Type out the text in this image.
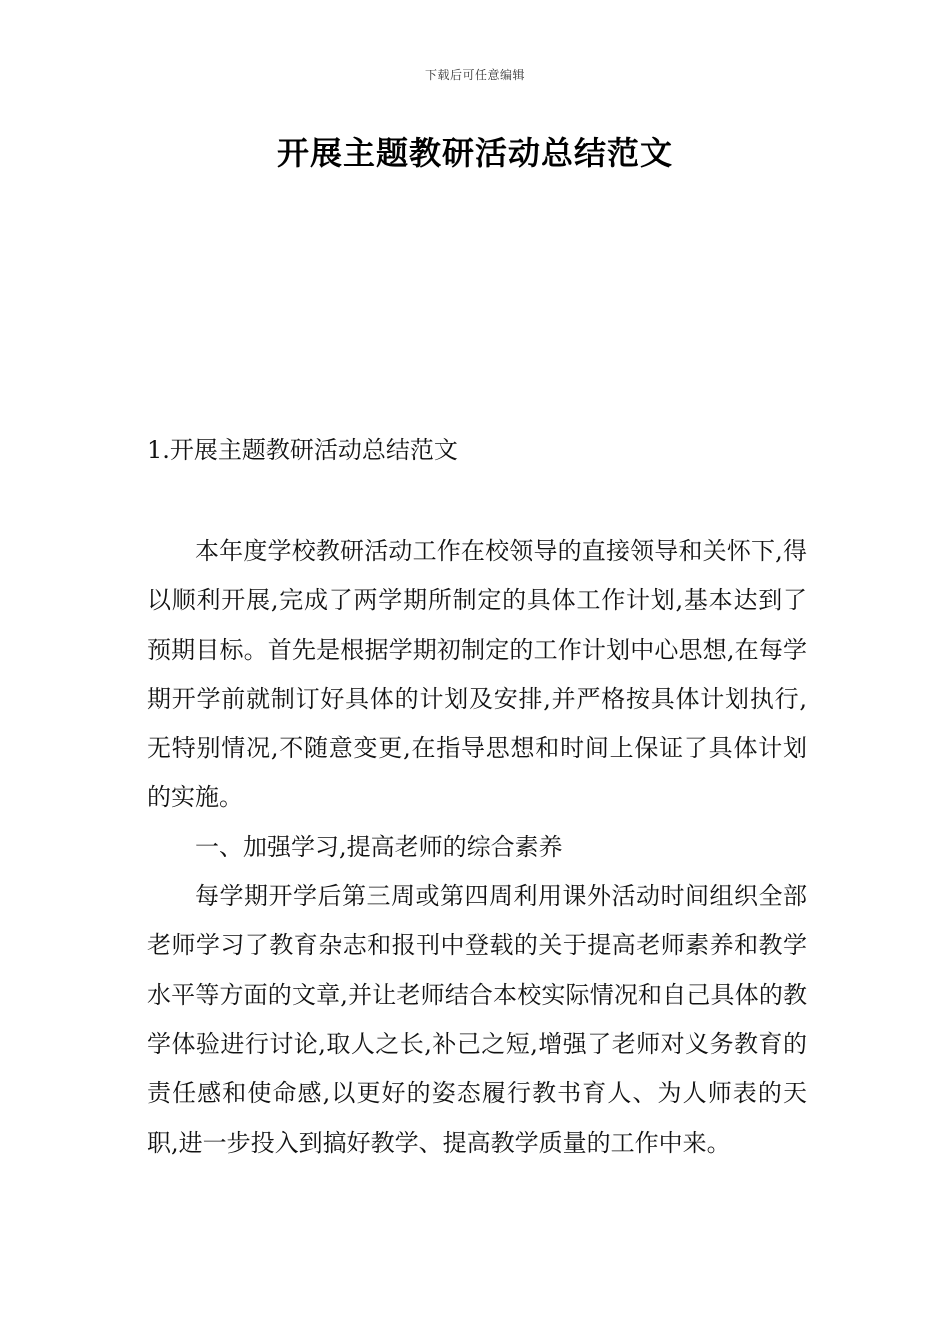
下载后可任意编辑
开展主题教研活动总结范文
1.开展主题教研活动总结范文

本年度学校教研活动工作在校领导的直接领导和关怀下,得以顺利开展,完成了两学期所制定的具体工作计划,基本达到了预期目标。首先是根据学期初制定的工作计划中心思想,在每学期开学前就制订好具体的计划及安排,并严格按具体计划执行,无特别情况,不随意变更,在指导思想和时间上保证了具体计划的实施。

一、加强学习,提高老师的综合素养

每学期开学后第三周或第四周利用课外活动时间组织全部老师学习了教育杂志和报刊中登载的关于提高老师素养和教学水平等方面的文章,并让老师结合本校实际情况和自己具体的教学体验进行讨论,取人之长,补己之短,增强了老师对义务教育的责任感和使命感,以更好的姿态履行教书育人、为人师表的天职,进一步投入到搞好教学、提高教学质量的工作中来。
